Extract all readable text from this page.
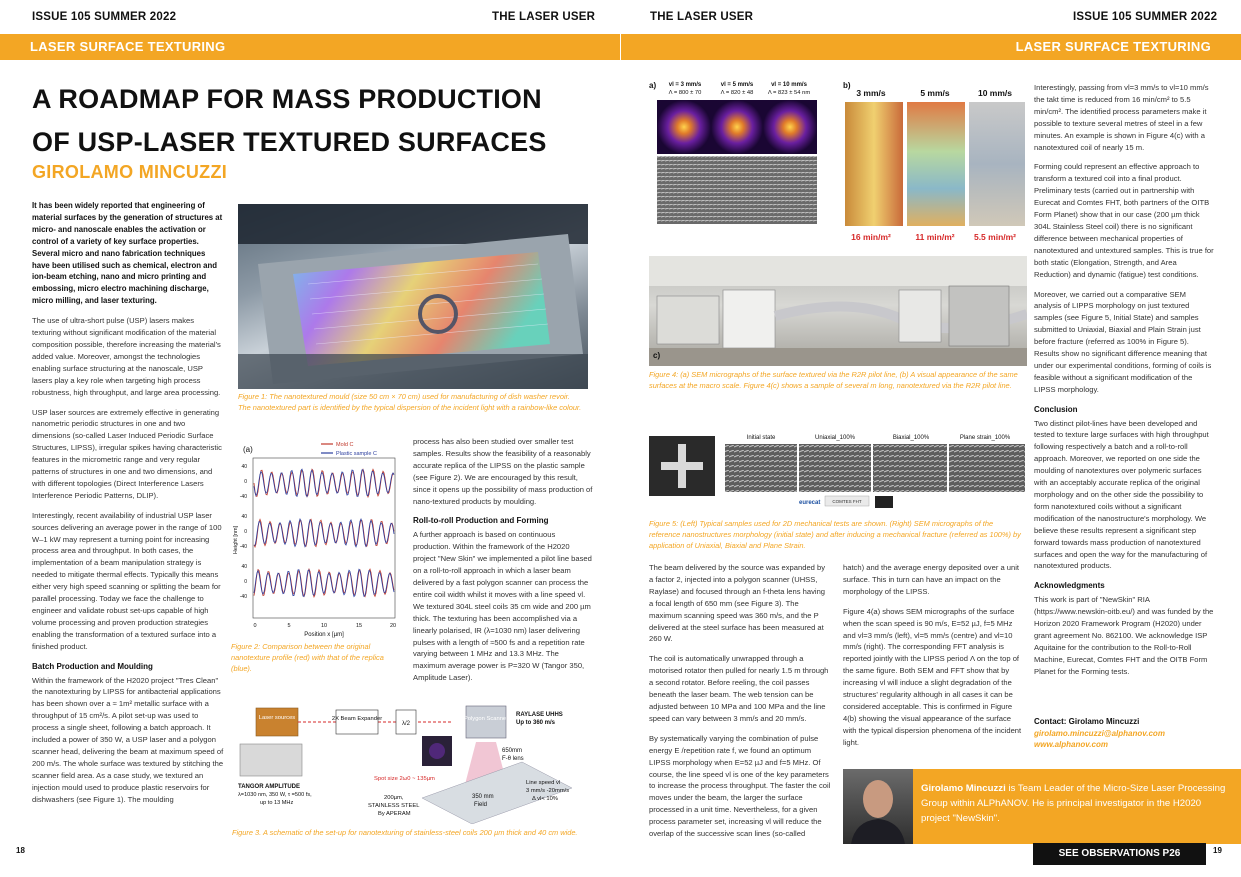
ISSUE 105 SUMMER 2022	THE LASER USER
LASER SURFACE TEXTURING
A ROADMAP FOR MASS PRODUCTION
OF USP-LASER TEXTURED SURFACES
GIROLAMO MINCUZZI

It has been widely reported that engineering of material surfaces by the generation of structures at micro- and nanoscale enables the activation or control of a variety of key surface properties. Several micro and nano fabrication techniques have been utilised such as chemical, electron and ion-beam etching, nano and micro printing and embossing, micro electro machining discharge, micro milling, and laser texturing.

The use of ultra-short pulse (USP) lasers makes texturing without significant modification of the material composition possible, therefore increasing the material's added value. Moreover, amongst the technologies enabling surface structuring at the nanoscale, USP lasers play a key role when targeting high process robustness, high throughput, and large area processing.

USP laser sources are extremely effective in generating nanometric periodic structures in one and two dimensions (so-called Laser Induced Periodic Surface Structures, LIPSS), irregular spikes having characteristic features in the micrometric range and very regular patterns of structures in one and two dimensions, and with different topologies (Direct Interference Lasers Interference Periodic Patterns, DLIP).

Interestingly, recent availability of industrial USP laser sources delivering an average power in the range of 100 W–1 kW may represent a turning point for increasing process area and throughput. In both cases, the implementation of a beam manipulation strategy is needed to mitigate thermal effects. Typically this means either very high speed scanning or splitting the beam for parallel processing. Today we face the challenge to engineer and validate robust set-ups capable of high volume processing and proven production strategies enabling the transformation of a textured surface into a finished product.

Batch Production and Moulding

Within the framework of the H2020 project "Tres Clean" the nanotexturing by LIPSS for antibacterial applications has been shown over a ≈ 1m² metallic surface with a throughput of 15 cm²/s. A pilot set-up was used to process a single sheet, following a batch approach. It included a power of 350 W, a USP laser and a polygon scanner head, delivering the beam at maximum speed of 200 m/s. The whole surface was textured by stitching the scanner field area. As a case study, we textured an injection mould used to produce plastic reservoirs for dishwashers (see Figure 1). The moulding

Figure 1: The nanotextured mould (size 50 cm × 70 cm) used for manufacturing of dish washer revoir. The nanotextured part is identified by the typical dispersion of the incident light with a rainbow-like colour.
(a)	Mold C
Plastic sample C
Height [nm]
40
0
-40
40
0
-40
40
0
-40
0	5	10	15	20
Position x [µm]
Figure 2: Comparison between the original nanotexture profile (red) with that of the replica (blue).

process has also been studied over smaller test samples. Results show the feasibility of a reasonably accurate replica of the LIPSS on the plastic sample (see Figure 2). We are encouraged by this result, since it opens up the possibility of mass production of nano-textured products by moulding.

Roll-to-roll Production and Forming

A further approach is based on continuous production. Within the framework of the H2020 project "New Skin" we implemented a pilot line based on a roll-to-roll approach in which a laser beam delivered by a fast polygon scanner can process the entire coil width whilst it moves with a line speed vl. We textured 304L steel coils 35 cm wide and 200 µm thick. The texturing has been accomplished via a linearly polarised, IR (λ=1030 nm) laser delivering pulses with a length of ≈500 fs and a repetition rate varying between 1 MHz and 13.3 MHz. The maximum average power is P=320 W (Tangor 350, Amplitude Laser).

Laser sources	2X Beam Expander
λ/2
Polygon Scanner
RAYLASE UHHS
Up to 360 m/s
650mm
F-θ lens
TANGOR AMPLITUDE
λ=1030 nm, 350 W, τ =500 fs,
up to 13 MHz
Spot size 2ω0 ~ 135µm
200µm,
STAINLESS STEEL
By APERAM
350 mm
Field
Line speed vl
3 mm/s -20mm/s
Δ vl< 10%
Figure 3. A schematic of the set-up for nanotexturing of stainless-steel coils 200 µm thick and 40 cm wide.
18
THE LASER USER	ISSUE 105 SUMMER 2022
LASER SURFACE TEXTURING
a) vl = 3 mm/s
Λ = 800 ± 70
vl = 5 mm/s
Λ = 820 ± 48
vl = 10 mm/s
Λ = 823 ± 54 nm
b)
3 mm/s	5 mm/s	10 mm/s
16 min/m²	11 min/m² 5.5 min/m²
c)
Figure 4: (a) SEM micrographs of the surface textured via the R2R pilot line, (b) A visual appearance of the same surfaces at the macro scale. Figure 4(c) shows a sample of several m long, nanotextured via the R2R pilot line.
Initial state	Uniaxial_100%	Biaxial_100%	Plane strain_100%
eurecat	COMTES FHT
Figure 5: (Left) Typical samples used for 2D mechanical tests are shown. (Right) SEM micrographs of the reference nanostructures morphology (initial state) and after inducing a mechanical fracture (referred as 100%) by application of Uniaxial, Biaxial and Plane Strain.

The beam delivered by the source was expanded by a factor 2, injected into a polygon scanner (UHSS, Raylase) and focused through an f-theta lens having a focal length of 650 mm (see Figure 3). The maximum scanning speed was 360 m/s, and the P delivered at the steel surface has been measured at 260 W.

The coil is automatically unwrapped through a motorised rotator then pulled for nearly 1.5 m through a second rotator. Before reeling, the coil passes beneath the laser beam. The web tension can be adjusted between 10 MPa and 100 MPa and the line speed can vary between 3 mm/s and 20 mm/s.

By systematically varying the combination of pulse energy E /repetition rate f, we found an optimum LIPSS morphology when E=52 µJ and f=5 MHz. Of course, the line speed vl is one of the key parameters to increase the process throughput. The faster the coil moves under the beam, the larger the surface processed in a unit time. Nevertheless, for a given process parameter set, increasing vl will reduce the overlap of the successive scan lines (so-called

hatch) and the average energy deposited over a unit surface. This in turn can have an impact on the morphology of the LIPSS.

Figure 4(a) shows SEM micrographs of the surface when the scan speed is 90 m/s, E=52 µJ, f=5 MHz and vl=3 mm/s (left), vl=5 mm/s (centre) and vl=10 mm/s (right). The corresponding FFT analysis is reported jointly with the LIPSS period Λ on the top of the same figure. Both SEM and FFT show that by increasing vl will induce a slight degradation of the structures' regularity although in all cases it can be considered acceptable. This is confirmed in Figure 4(b) showing the visual appearance of the surface with the typical dispersion phenomena of the incident light.

Interestingly, passing from vl=3 mm/s to vl=10 mm/s the takt time is reduced from 16 min/cm² to 5.5 min/cm². The identified process parameters make it possible to texture several metres of steel in a few minutes. An example is shown in Figure 4(c) with a nanotextured coil of nearly 15 m.

Forming could represent an effective approach to transform a textured coil into a final product. Preliminary tests (carried out in partnership with Eurecat and Comtes FHT, both partners of the OITB Form Planet) show that in our case (200 µm thick 304L Stainless Steel coil) there is no significant difference between mechanical properties of nanotextured and untextured samples. This is true for both static (Elongation, Strength, and Area Reduction) and dynamic (fatigue) test conditions.

Moreover, we carried out a comparative SEM analysis of LIPPS morphology on just textured samples (see Figure 5, Initial State) and samples submitted to Uniaxial, Biaxial and Plain Strain just before fracture (referred as 100% in Figure 5). Results show no significant difference meaning that under our experimental conditions, forming of coils is feasible without a significant modification of the LIPSS morphology.

Conclusion

Two distinct pilot-lines have been developed and tested to texture large surfaces with high throughput following respectively a batch and a roll-to-roll approach. Moreover, we reported on one side the moulding of nanotextures over polymeric surfaces with an acceptably accurate replica of the original morphology and on the other side the possibility to form nanotextured coils without a significant modification of the nanostructure's morphology. We believe these results represent a significant step forward towards mass production of nanotextured surfaces and open the way for the manufacturing of nanotextured products.

Acknowledgments

This work is part of "NewSkin" RIA (https://www.newskin-oitb.eu/) and was funded by the Horizon 2020 Framework Program (H2020) under grant agreement No. 862100. We acknowledge ISP Aquitaine for the contribution to the Roll-to-Roll Machine, Eurecat, Comtes FHT and the OITB Form Planet for the Forming tests.

Contact: Girolamo Mincuzzi
girolamo.mincuzzi@alphanov.com
www.alphanov.com
Girolamo Mincuzzi is Team Leader of the Micro-Size Laser Processing Group within ALPhANOV. He is principal investigator in the H2020 project "NewSkin".
SEE OBSERVATIONS P26	19
